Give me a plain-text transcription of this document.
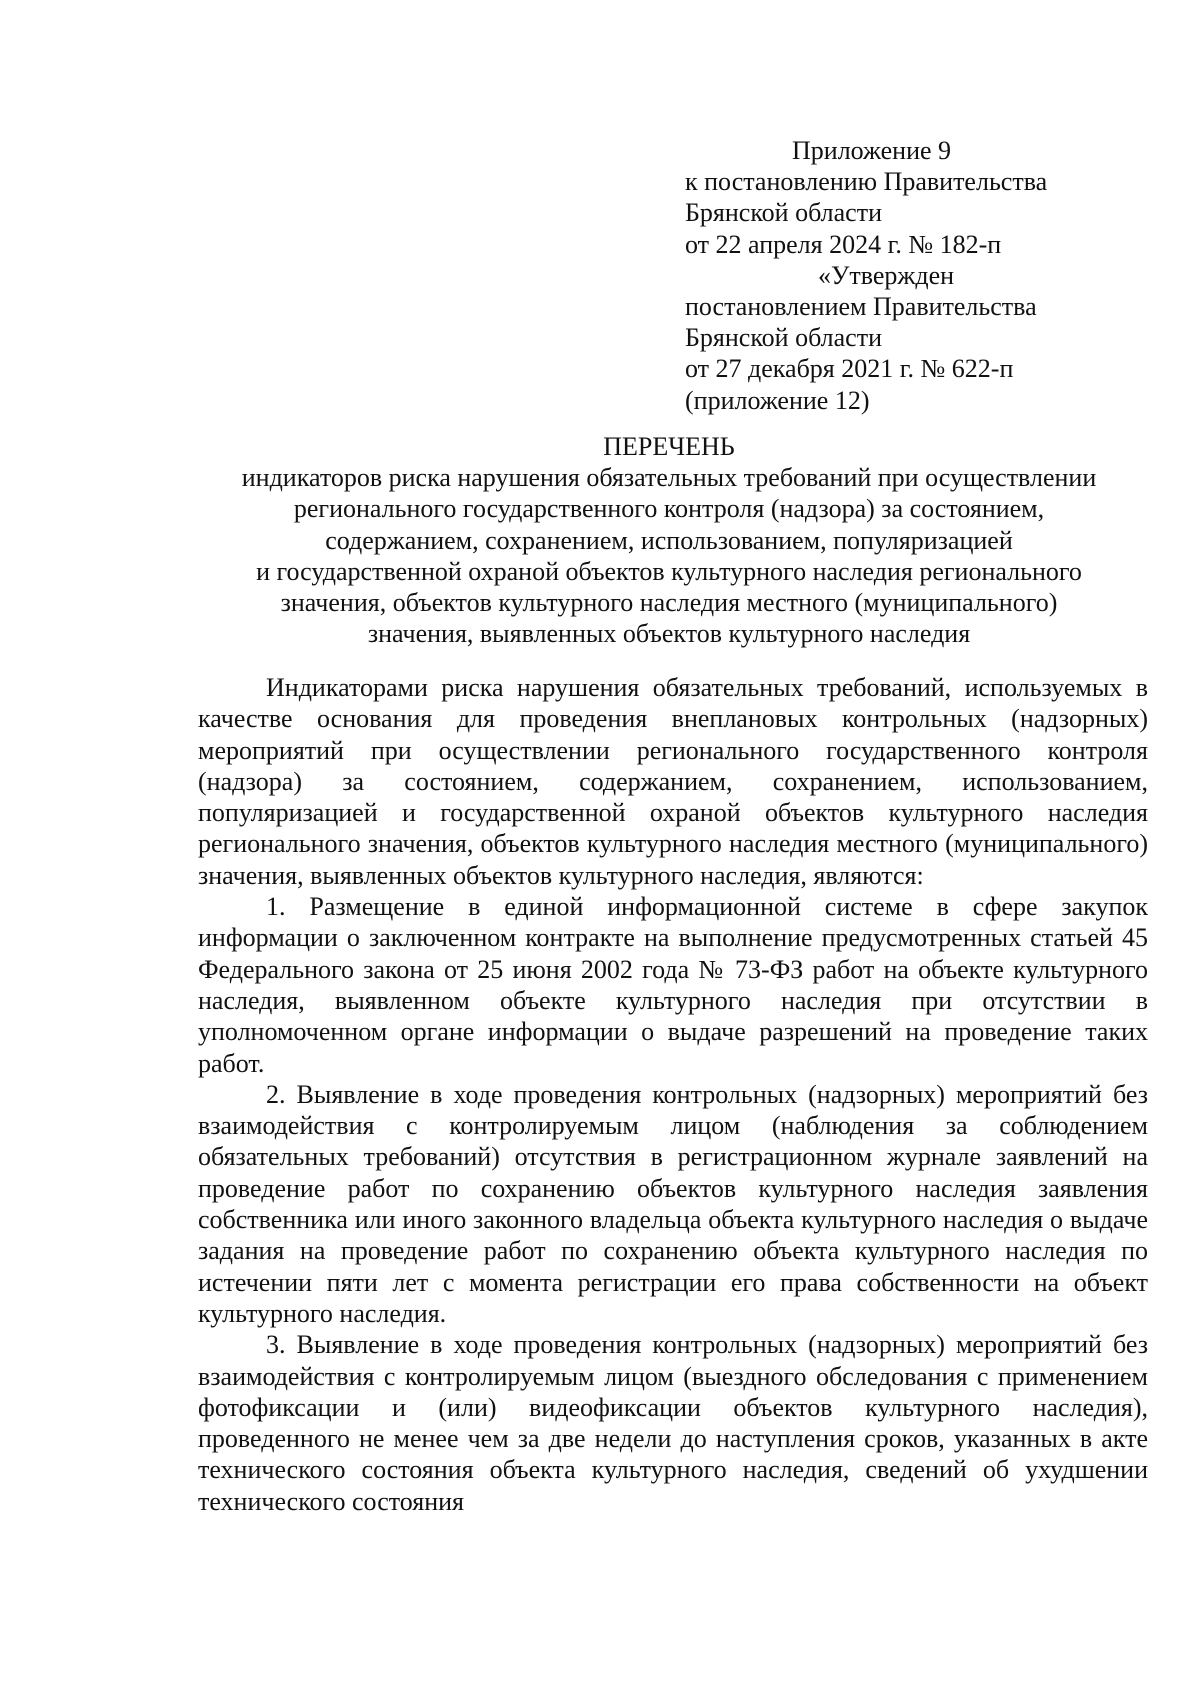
Приложение 9
к постановлению Правительства
Брянской области
от 22 апреля 2024 г. № 182-п
«Утвержден
постановлением Правительства
Брянской области
от 27 декабря 2021 г. № 622-п
(приложение 12)
ПЕРЕЧЕНЬ
индикаторов риска нарушения обязательных требований при осуществлении
регионального государственного контроля (надзора) за состоянием,
содержанием, сохранением, использованием, популяризацией
и государственной охраной объектов культурного наследия регионального
значения, объектов культурного наследия местного (муниципального)
значения, выявленных объектов культурного наследия

Индикаторами риска нарушения обязательных требований, используемых в качестве основания для проведения внеплановых контрольных (надзорных) мероприятий при осуществлении регионального государственного контроля (надзора) за состоянием, содержанием, сохранением, использованием, популяризацией и государственной охраной объектов культурного наследия регионального значения, объектов культурного наследия местного (муниципального) значения, выявленных объектов культурного наследия, являются:

1. Размещение в единой информационной системе в сфере закупок информации о заключенном контракте на выполнение предусмотренных статьей 45 Федерального закона от 25 июня 2002 года № 73-ФЗ работ на объекте культурного наследия, выявленном объекте культурного наследия при отсутствии в уполномоченном органе информации о выдаче разрешений на проведение таких работ.

2. Выявление в ходе проведения контрольных (надзорных) мероприятий без взаимодействия с контролируемым лицом (наблюдения за соблюдением обязательных требований) отсутствия в регистрационном журнале заявлений на проведение работ по сохранению объектов культурного наследия заявления собственника или иного законного владельца объекта культурного наследия о выдаче задания на проведение работ по сохранению объекта культурного наследия по истечении пяти лет с момента регистрации его права собственности на объект культурного наследия.

3. Выявление в ходе проведения контрольных (надзорных) мероприятий без взаимодействия с контролируемым лицом (выездного обследования с применением фотофиксации и (или) видеофиксации объектов культурного наследия), проведенного не менее чем за две недели до наступления сроков, указанных в акте технического состояния объекта культурного наследия, сведений об ухудшении технического состояния
